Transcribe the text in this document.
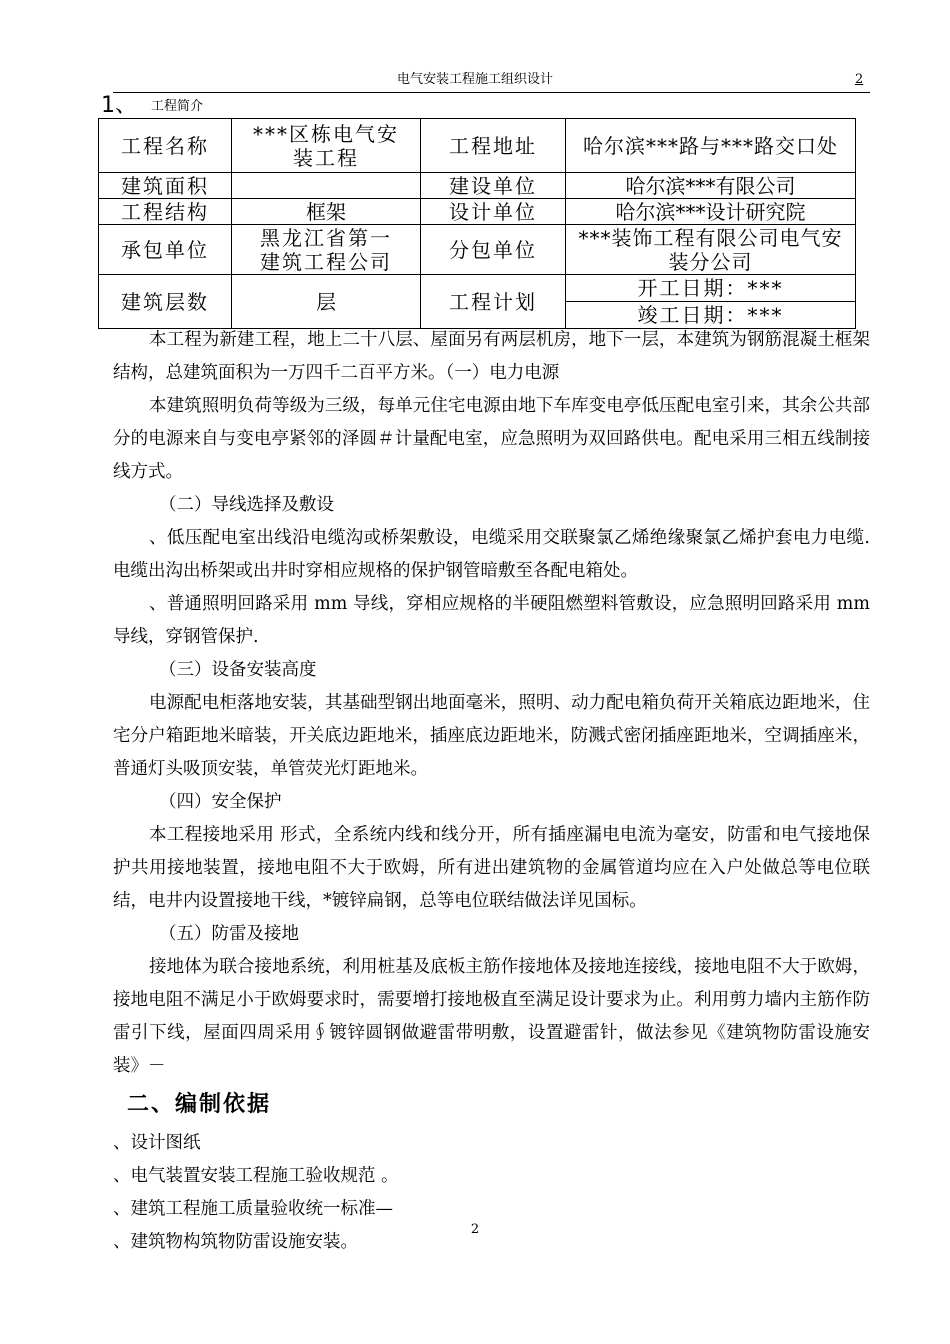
电气安装工程施工组织设计	2
1、 工程简介
工程名称	***区栋电气安装工程	工程地址	哈尔滨***路与***路交口处
建筑面积		建设单位	哈尔滨***有限公司
工程结构	框架	设计单位	哈尔滨***设计研究院
承包单位	黑龙江省第一建筑工程公司	分包单位	***装饰工程有限公司电气安装分公司
建筑层数	层	工程计划	开工日期：***
竣工日期：***

本工程为新建工程，地上二十八层、屋面另有两层机房，地下一层，本建筑为钢筋混凝土框架结构，总建筑面积为一万四千二百平方米。（一）电力电源

本建筑照明负荷等级为三级，每单元住宅电源由地下车库变电亭低压配电室引来，其余公共部分的电源来自与变电亭紧邻的泽圆＃计量配电室，应急照明为双回路供电。配电采用三相五线制接线方式。

（二）导线选择及敷设

、低压配电室出线沿电缆沟或桥架敷设，电缆采用交联聚氯乙烯绝缘聚氯乙烯护套电力电缆.电缆出沟出桥架或出井时穿相应规格的保护钢管暗敷至各配电箱处。

、普通照明回路采用 mm 导线，穿相应规格的半硬阻燃塑料管敷设，应急照明回路采用 mm 导线，穿钢管保护.

（三）设备安装高度

电源配电柜落地安装，其基础型钢出地面毫米，照明、动力配电箱负荷开关箱底边距地米，住宅分户箱距地米暗装，开关底边距地米，插座底边距地米，防溅式密闭插座距地米，空调插座米，普通灯头吸顶安装，单管荧光灯距地米。

（四）安全保护

本工程接地采用 形式，全系统内线和线分开，所有插座漏电电流为毫安，防雷和电气接地保护共用接地装置，接地电阻不大于欧姆，所有进出建筑物的金属管道均应在入户处做总等电位联结，电井内设置接地干线，*镀锌扁钢，总等电位联结做法详见国标。

（五）防雷及接地

接地体为联合接地系统，利用桩基及底板主筋作接地体及接地连接线，接地电阻不大于欧姆，接地电阻不满足小于欧姆要求时，需要增打接地极直至满足设计要求为止。利用剪力墙内主筋作防雷引下线，屋面四周采用∮镀锌圆钢做避雷带明敷，设置避雷针，做法参见《建筑物防雷设施安装》－

二、编制依据

、设计图纸

、电气装置安装工程施工验收规范 。

、建筑工程施工质量验收统一标准—

、建筑物构筑物防雷设施安装。

2
